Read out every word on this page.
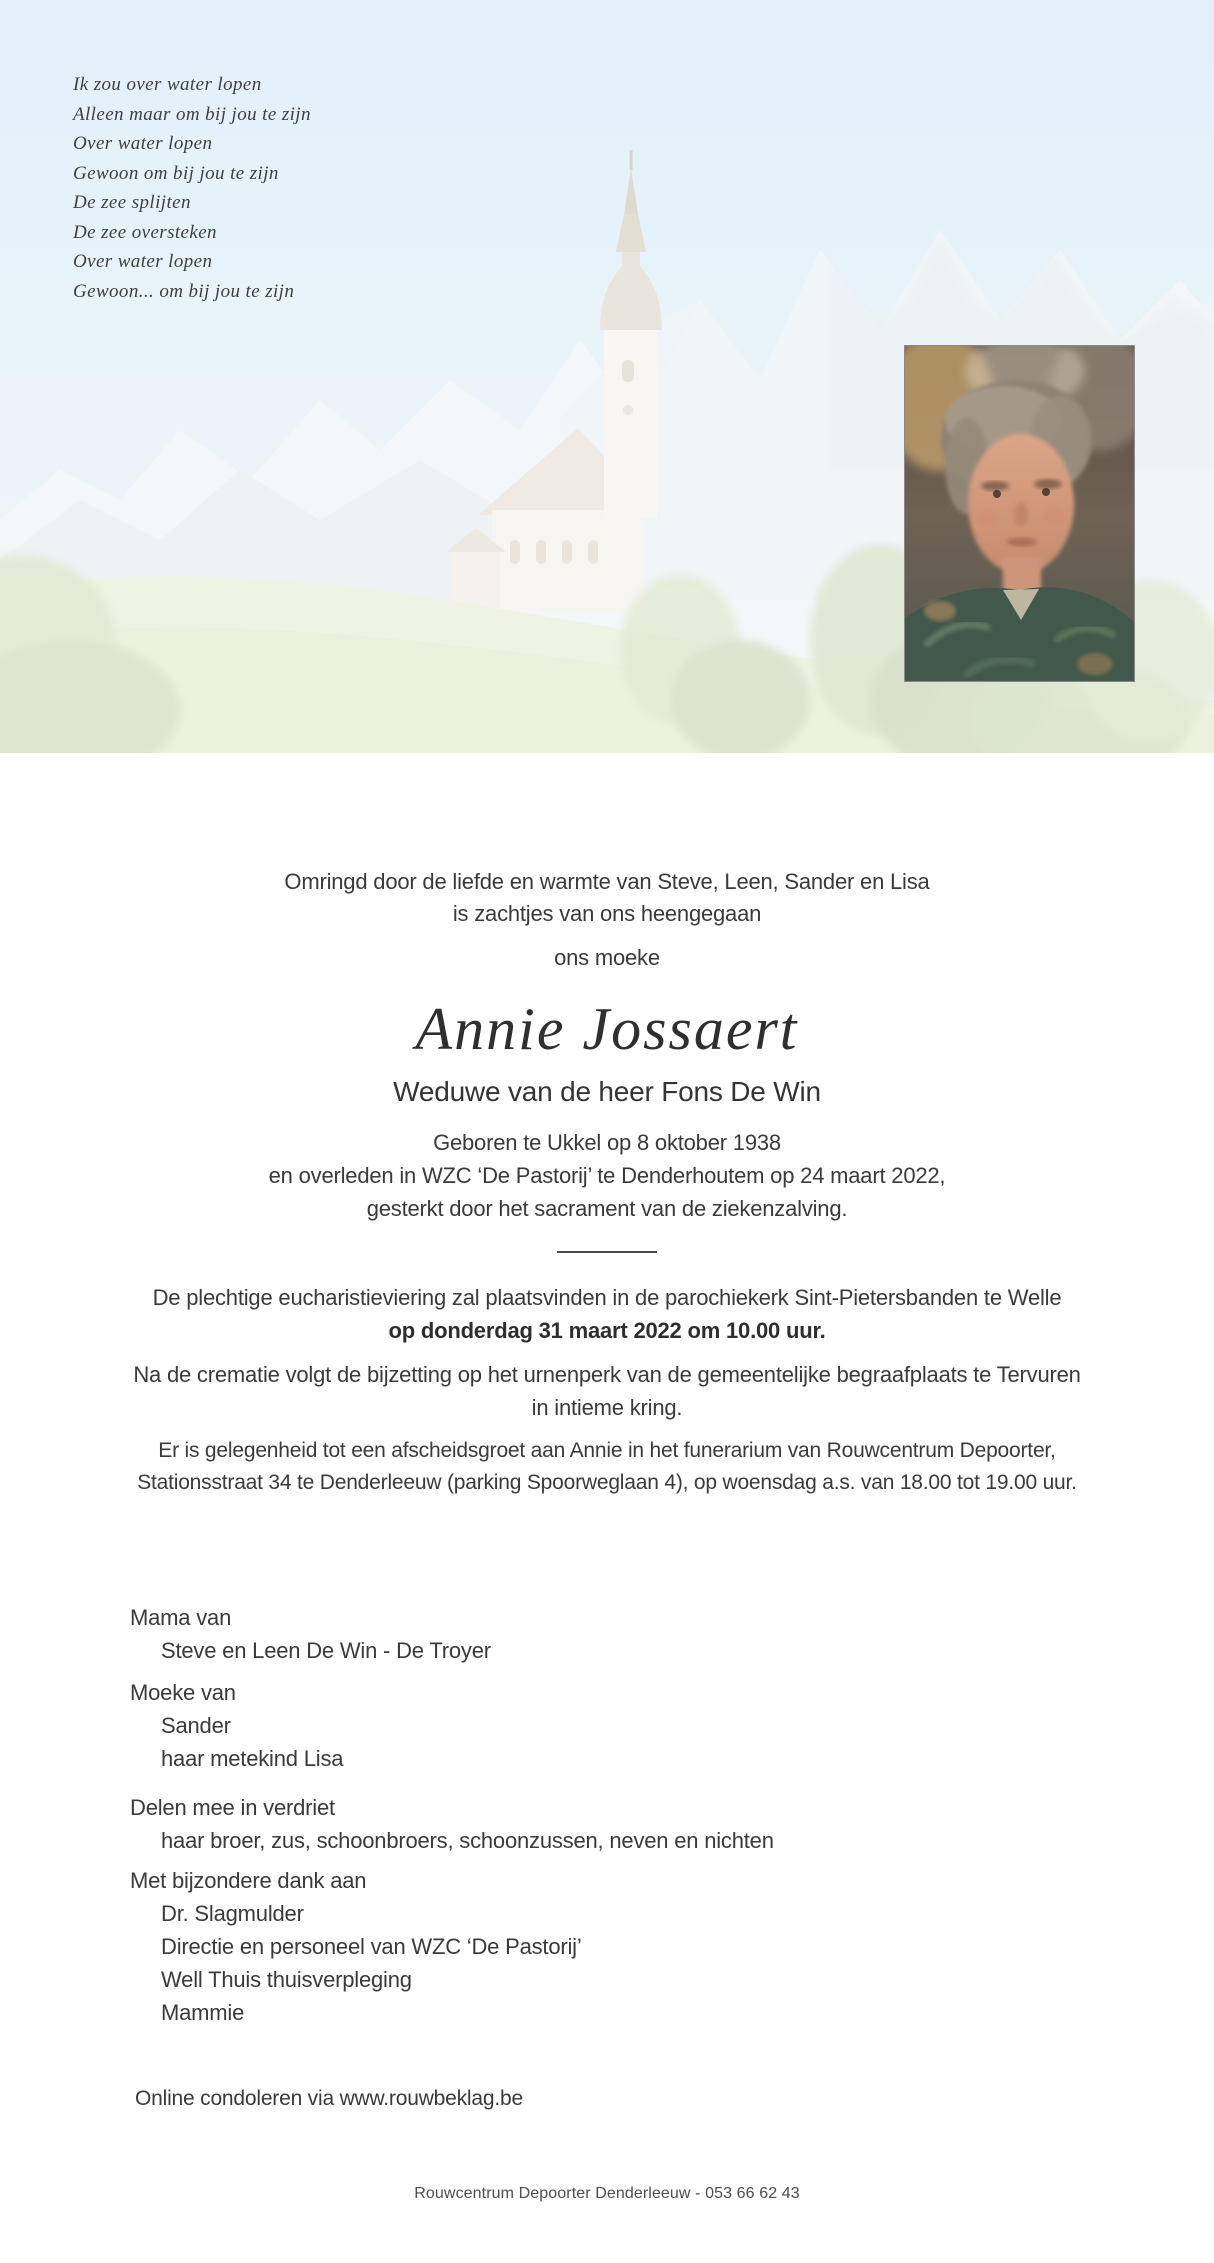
Ik zou over water lopen
Alleen maar om bij jou te zijn
Over water lopen
Gewoon om bij jou te zijn
De zee splijten
De zee oversteken
Over water lopen
Gewoon... om bij jou te zijn
Omringd door de liefde en warmte van Steve, Leen, Sander en Lisa
is zachtjes van ons heengegaan
ons moeke
Annie Jossaert
Weduwe van de heer Fons De Win
Geboren te Ukkel op 8 oktober 1938
en overleden in WZC ‘De Pastorij’ te Denderhoutem op 24 maart 2022,
gesterkt door het sacrament van de ziekenzalving.
De plechtige eucharistieviering zal plaatsvinden in de parochiekerk Sint-Pietersbanden te Welle
op donderdag 31 maart 2022 om 10.00 uur.
Na de crematie volgt de bijzetting op het urnenperk van de gemeentelijke begraafplaats te Tervuren
in intieme kring.
Er is gelegenheid tot een afscheidsgroet aan Annie in het funerarium van Rouwcentrum Depoorter,
Stationsstraat 34 te Denderleeuw (parking Spoorweglaan 4), op woensdag a.s. van 18.00 tot 19.00 uur.
Mama van
Steve en Leen De Win - De Troyer
Moeke van
Sander
haar metekind Lisa
Delen mee in verdriet
haar broer, zus, schoonbroers, schoonzussen, neven en nichten
Met bijzondere dank aan
Dr. Slagmulder
Directie en personeel van WZC ‘De Pastorij’
Well Thuis thuisverpleging
Mammie
Online condoleren via www.rouwbeklag.be
Rouwcentrum Depoorter Denderleeuw - 053 66 62 43
